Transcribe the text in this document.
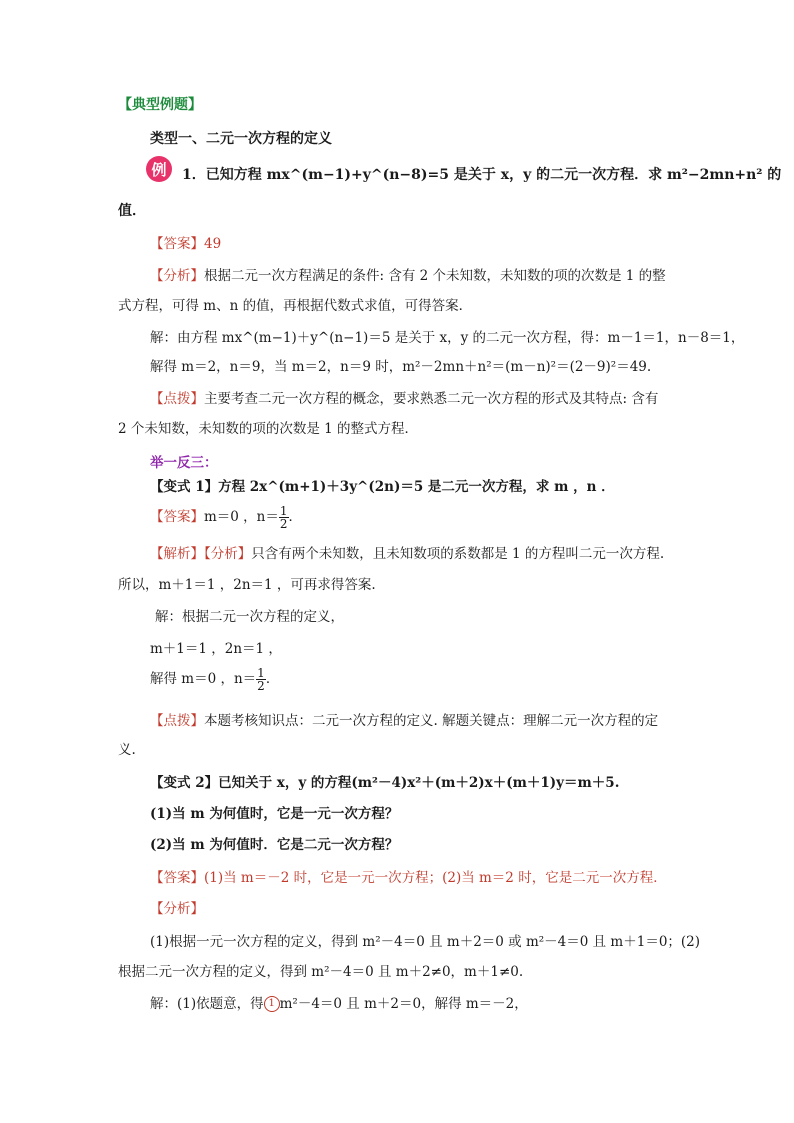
【典型例题】
类型一、二元一次方程的定义
例	1．已知方程 mx^(m−1)+y^(n−8)=5 是关于 x，y 的二元一次方程．求 m²−2mn+n² 的
值．
【答案】49
【分析】根据二元一次方程满足的条件: 含有 2 个未知数，未知数的项的次数是 1 的整
式方程，可得 m、n 的值，再根据代数式求值，可得答案．
解：由方程 mx^(m−1)＋y^(n−1)＝5 是关于 x，y 的二元一次方程，得：m－1＝1，n－8＝1，
解得 m＝2，n＝9，当 m＝2，n＝9 时，m²－2mn＋n²＝(m－n)²＝(2－9)²＝49.
【点拨】主要考查二元一次方程的概念，要求熟悉二元一次方程的形式及其特点: 含有
2 个未知数，未知数的项的次数是 1 的整式方程．
举一反三：
【变式 1】方程 2x^(m+1)＋3y^(2n)＝5 是二元一次方程，求 m ，n ．
【答案】 m＝0 ，$n= \frac{1}{2}$ ．
【解析】【分析】只含有两个未知数，且未知数项的系数都是 1 的方程叫二元一次方程.
所以，m＋1＝1 ，2n＝1 ，可再求得答案.
解：根据二元一次方程的定义，
m＋1＝1 ，2n＝1 ，
解得 m＝0 ，$n= \frac{1}{2}$ ．
【点拨】本题考核知识点：二元一次方程的定义. 解题关键点：理解二元一次方程的定
义.
【变式 2】已知关于 x，y 的方程(m²－4)x²＋(m＋2)x＋(m＋1)y＝m＋5.
(1)当 m 为何值时，它是一元一次方程？
(2)当 m 为何值时．它是二元一次方程？
【答案】(1)当 m＝－2 时，它是一元一次方程；(2)当 m＝2 时，它是二元一次方程．
【分析】
(1)根据一元一次方程的定义，得到 m²－4＝0 且 m＋2＝0 或 m²－4＝0 且 m＋1＝0；(2)
根据二元一次方程的定义，得到 m²－4＝0 且 m＋2≠0，m＋1≠0.
解：(1)依题意，得 1 m²－4＝0 且 m＋2＝0，解得 m＝－2，
